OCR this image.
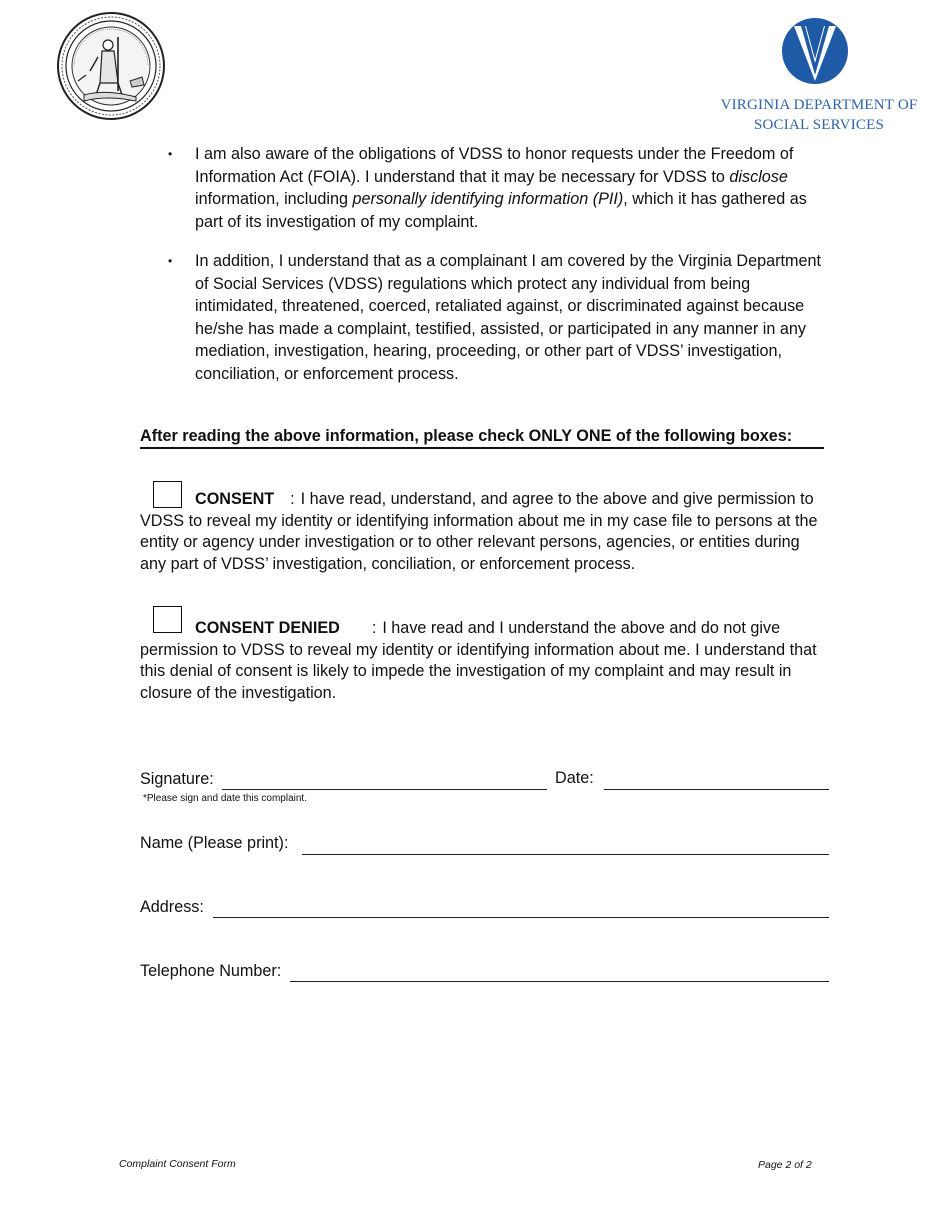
VIRGINIA DEPARTMENT OF
SOCIAL SERVICES
• I am also aware of the obligations of VDSS to honor requests under the Freedom of Information Act (FOIA). I understand that it may be necessary for VDSS to disclose information, including personally identifying information (PII), which it has gathered as part of its investigation of my complaint.
• In addition, I understand that as a complainant I am covered by the Virginia Department of Social Services (VDSS) regulations which protect any individual from being intimidated, threatened, coerced, retaliated against, or discriminated against because he/she has made a complaint, testified, assisted, or participated in any manner in any mediation, investigation, hearing, proceeding, or other part of VDSS’ investigation, conciliation, or enforcement process.
After reading the above information, please check ONLY ONE of the following boxes:
CONSENT : I have read, understand, and agree to the above and give permission to VDSS to reveal my identity or identifying information about me in my case file to persons at the entity or agency under investigation or to other relevant persons, agencies, or entities during any part of VDSS’ investigation, conciliation, or enforcement process.
CONSENT DENIED : I have read and I understand the above and do not give permission to VDSS to reveal my identity or identifying information about me. I understand that this denial of consent is likely to impede the investigation of my complaint and may result in closure of the investigation.
Signature:	Date:
*Please sign and date this complaint.
Name (Please print):
Address:
Telephone Number:
Complaint Consent Form	Page 2 of 2
